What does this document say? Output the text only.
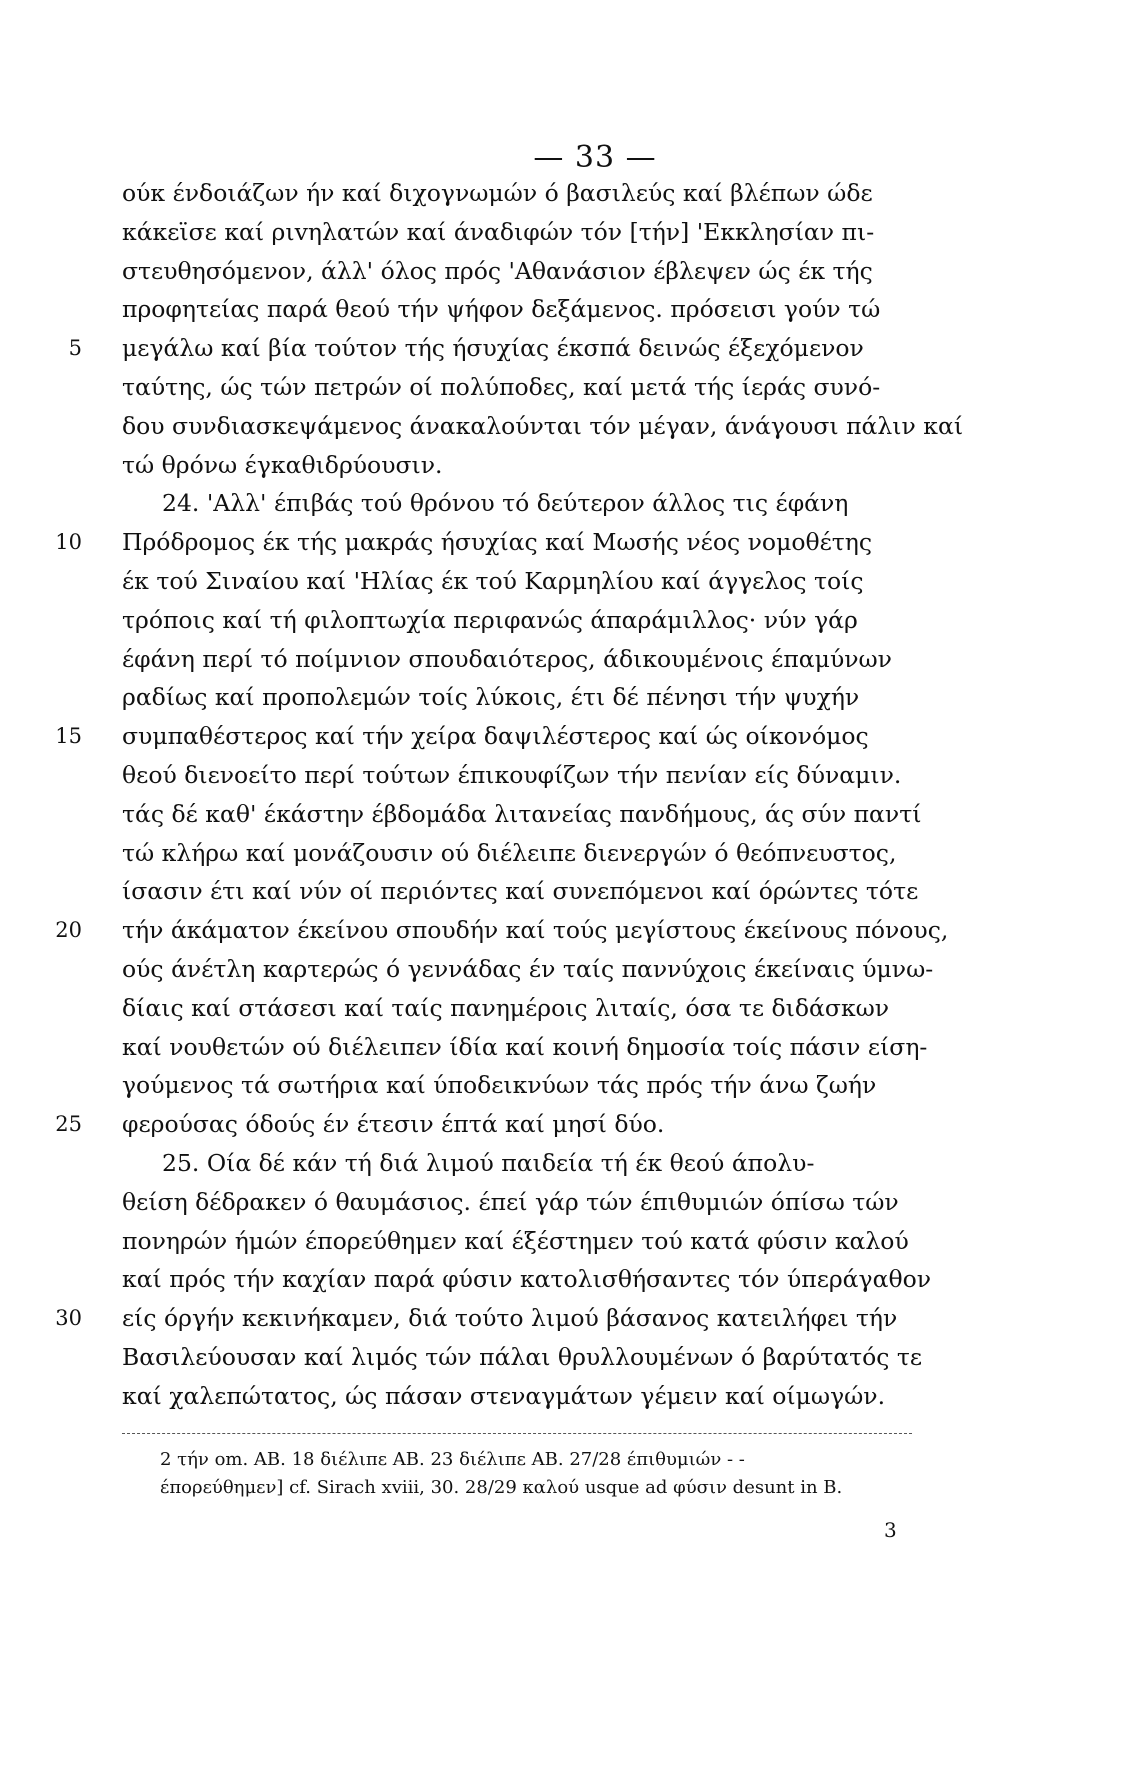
— 33 —
ούκ ένδοιάζων ήν καί διχογνωμών ό βασιλεύς καί βλέπων ώδε
κάκεϊσε καί ριvηλατών καί άναδιφών τόν [τήν] 'Εκκλησίαν πι-
στευθησόμενον, άλλ' όλος πρός 'Αθανάσιον έβλεψεν ώς έκ τής
προφητείας παρά θεού τήν ψήφον δεξάμενος. πρόσεισι γούν τώ
μεγάλω καί βία τούτον τής ήσυχίας έκσπά δεινώς έξεχόμενον
5
ταύτης, ώς τών πετρών οί πολύποδες, καί μετά τής ίεράς συνό-
δου συνδιασκεψάμενος άνακαλούνται τόν μέγαν, άνάγουσι πάλιν καί
τώ θρόνω έγκαθιδρύουσιν.
24. 'Αλλ' έπιβάς τού θρόνου τό δεύτερον άλλος τις έφάνη
Πρόδρομος έκ τής μακράς ήσυχίας καί Μωσής νέος νομοθέτης
10
έκ τού Σιναίου καί 'Ηλίας έκ τού Καρμηλίου καί άγγελος τοίς
τρόποις καί τή φιλοπτωχία περιφανώς άπαράμιλλος· νύν γάρ
έφάνη περί τό ποίμνιον σπουδαιότερος, άδικουμένοις έπαμύνων
ραδίως καί προπολεμών τοίς λύκοις, έτι δέ πένησι τήν ψυχήν
συμπαθέστερος καί τήν χείρα δαψιλέστερος καί ώς οίκονόμος
15
θεού διενοείτο περί τούτων έπικουφίζων τήν πενίαν είς δύναμιν.
τάς δέ καθ' έκάστην έβδομάδα λιτανείας πανδήμους, άς σύν παντί
τώ κλήρω καί μονάζουσιν ού διέλειπε διενεργών ό θεόπνευστος,
ίσασιν έτι καί νύν οί περιόντες καί συνεπόμενοι καί όρώντες τότε
τήν άκάματον έκείνου σπουδήν καί τούς μεγίστους έκείνους πόνους,
20
ούς άνέτλη καρτερώς ό γεννάδας έν ταίς παννύχοις έκείναις ύμνω-
δίαις καί στάσεσι καί ταίς πανημέροις λιταίς, όσα τε διδάσκων
καί νουθετών ού διέλειπεν ίδία καί κοινή δημοσία τοίς πάσιν είση-
γούμενος τά σωτήρια καί ύποδεικνύων τάς πρός τήν άνω ζωήν
φερούσας όδούς έν έτεσιν έπτά καί μησί δύο.
25
25. Οία δέ κάν τή διά λιμού παιδεία τή έκ θεού άπολυ-
θείση δέδρακεν ό θαυμάσιος. έπεί γάρ τών έπιθυμιών όπίσω τών
πονηρών ήμών έπορεύθημεν καί έξέστημεν τού κατά φύσιν καλού
καί πρός τήν καχίαν παρά φύσιν κατολισθήσαντες τόν ύπεράγαθον
είς όργήν κεκινήκαμεν, διά τούτο λιμού βάσανος κατειλήφει τήν
30
Βασιλεύουσαν καί λιμός τών πάλαι θρυλλουμένων ό βαρύτατός τε
καί χαλεπώτατος, ώς πάσαν στεναγμάτων γέμειν καί οίμωγών.
2 τήν om. AB. 18 διέλιπε AB. 23 διέλιπε AB. 27/28 έπιθυμιών - -
έπορεύθημεν] cf. Sirach xviii, 30. 28/29 καλού usque ad φύσιν desunt in B.
3
